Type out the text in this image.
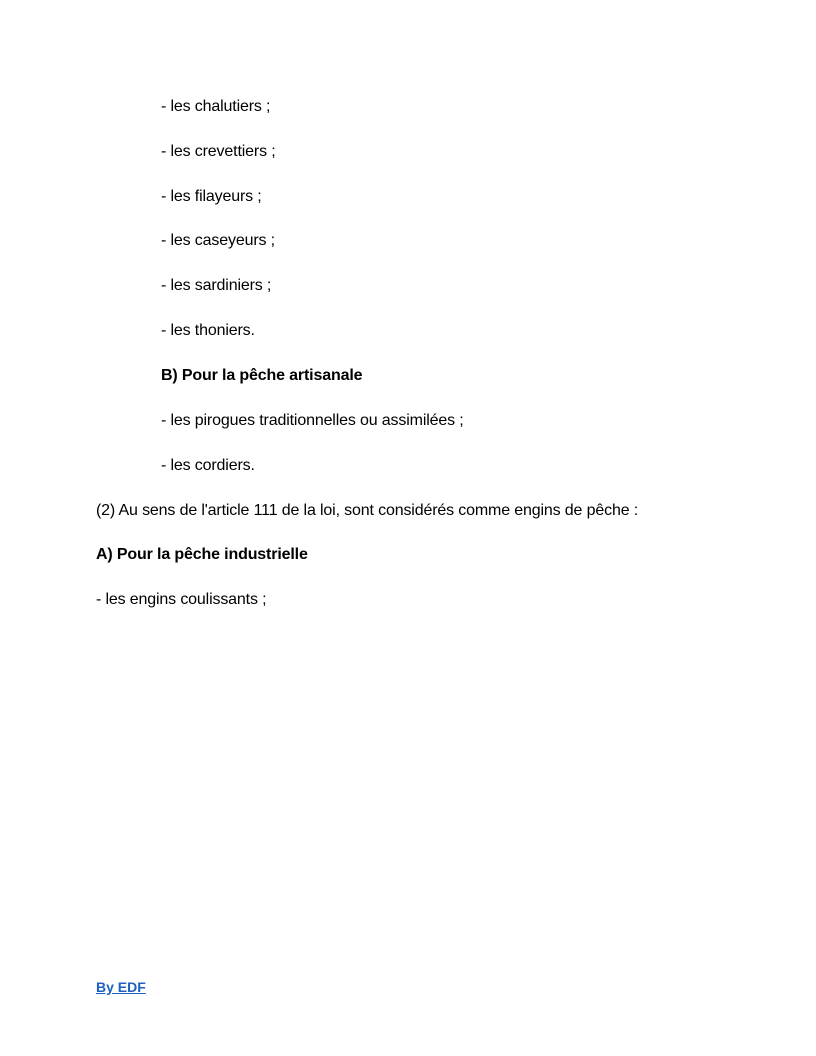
- les chalutiers ;
- les crevettiers ;
- les filayeurs ;
- les caseyeurs ;
- les sardiniers ;
- les thoniers.
B) Pour la pêche artisanale
- les pirogues traditionnelles ou assimilées ;
- les cordiers.
(2) Au sens de l'article 111 de la loi, sont considérés comme engins de pêche :
A) Pour la pêche industrielle
- les engins coulissants ;
By EDF
